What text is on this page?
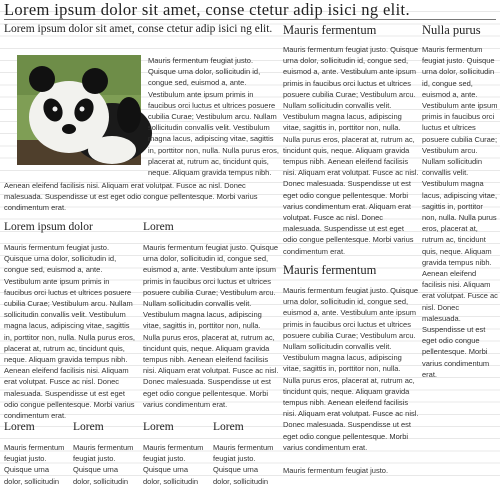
Lorem ipsum dolor sit amet, conse ctetur adip isici ng elit.
Lorem ipsum dolor sit amet, conse ctetur adip isici ng elit.
Mauris fermentum feugiat justo. Quisque urna dolor, sollicitudin id, congue sed, euismod a, ante. Vestibulum ante ipsum primis in faucibus orci luctus et ultrices posuere cubilia Curae; Vestibulum arcu. Nullam sollicitudin convallis velit. Vestibulum magna lacus, adipiscing vitae, sagittis in, porttitor non, nulla. Nulla purus eros, placerat at, rutrum ac, tincidunt quis, neque. Aliquam gravida tempus nibh.
Aenean eleifend facilisis nisi. Aliquam erat volutpat. Fusce ac nisl. Donec malesuada. Suspendisse ut est eget odio congue pellentesque. Morbi varius condimentum erat.
Lorem ipsum dolor
Mauris fermentum feugiat justo. Quisque urna dolor, sollicitudin id, congue sed, euismod a, ante. Vestibulum ante ipsum primis in faucibus orci luctus et ultrices posuere cubilia Curae; Vestibulum arcu. Nullam sollicitudin convallis velit. Vestibulum magna lacus, adipiscing vitae, sagittis in, porttitor non, nulla. Nulla purus eros, placerat at, rutrum ac, tincidunt quis, neque. Aliquam gravida tempus nibh. Aenean eleifend facilisis nisi. Aliquam erat volutpat. Fusce ac nisl. Donec malesuada. Suspendisse ut est eget odio congue pellentesque. Morbi varius condimentum erat.
Lorem
Mauris fermentum feugiat justo. Quisque urna dolor, sollicitudin id, congue sed, euismod a, ante. Vestibulum ante ipsum primis in faucibus orci luctus et ultrices posuere cubilia Curae; Vestibulum arcu. Nullam sollicitudin convallis velit. Vestibulum magna lacus, adipiscing vitae, sagittis in, porttitor non, nulla. Nulla purus eros, placerat at, rutrum ac, tincidunt quis, neque. Aliquam gravida tempus nibh. Aenean eleifend facilisis nisi. Aliquam erat volutpat. Fusce ac nisl. Donec malesuada. Suspendisse ut est eget odio congue pellentesque. Morbi varius condimentum erat.
Lorem	Lorem	Lorem	Lorem
Mauris fermentum feugiat justo. Quisque urna dolor, sollicitudin
Mauris fermentum feugiat justo. Quisque urna dolor, sollicitudin
Mauris fermentum feugiat justo. Quisque urna dolor, sollicitudin
Mauris fermentum feugiat justo. Quisque urna dolor, sollicitudin
Mauris fermentum
Mauris fermentum feugiat justo. Quisque urna dolor, sollicitudin id, congue sed, euismod a, ante. Vestibulum ante ipsum primis in faucibus orci luctus et ultrices posuere cubilia Curae; Vestibulum arcu. Nullam sollicitudin convallis velit. Vestibulum magna lacus, adipiscing vitae, sagittis in, porttitor non, nulla. Nulla purus eros, placerat at, rutrum ac, tincidunt quis, neque. Aliquam gravida tempus nibh. Aenean eleifend facilisis nisi. Aliquam erat volutpat. Fusce ac nisl. Donec malesuada. Suspendisse ut est eget odio congue pellentesque. Morbi varius condimentum erat. Aliquam erat volutpat. Fusce ac nisl. Donec malesuada. Suspendisse ut est eget odio congue pellentesque. Morbi varius condimentum erat.
Mauris fermentum
Mauris fermentum feugiat justo. Quisque urna dolor, sollicitudin id, congue sed, euismod a, ante. Vestibulum ante ipsum primis in faucibus orci luctus et ultrices posuere cubilia Curae; Vestibulum arcu. Nullam sollicitudin convallis velit. Vestibulum magna lacus, adipiscing vitae, sagittis in, porttitor non, nulla. Nulla purus eros, placerat at, rutrum ac, tincidunt quis, neque. Aliquam gravida tempus nibh. Aenean eleifend facilisis nisi. Aliquam erat volutpat. Fusce ac nisl. Donec malesuada. Suspendisse ut est eget odio congue pellentesque. Morbi varius condimentum erat.
Mauris fermentum feugiat justo.
Nulla purus
Mauris fermentum feugiat justo. Quisque urna dolor, sollicitudin id, congue sed, euismod a, ante. Vestibulum ante ipsum primis in faucibus orci luctus et ultrices posuere cubilia Curae; Vestibulum arcu. Nullam sollicitudin convallis velit. Vestibulum magna lacus, adipiscing vitae, sagittis in, porttitor non, nulla. Nulla purus eros, placerat at, rutrum ac, tincidunt quis, neque. Aliquam gravida tempus nibh. Aenean eleifend facilisis nisi. Aliquam erat volutpat. Fusce ac nisl. Donec malesuada. Suspendisse ut est eget odio congue pellentesque. Morbi varius condimentum erat.
